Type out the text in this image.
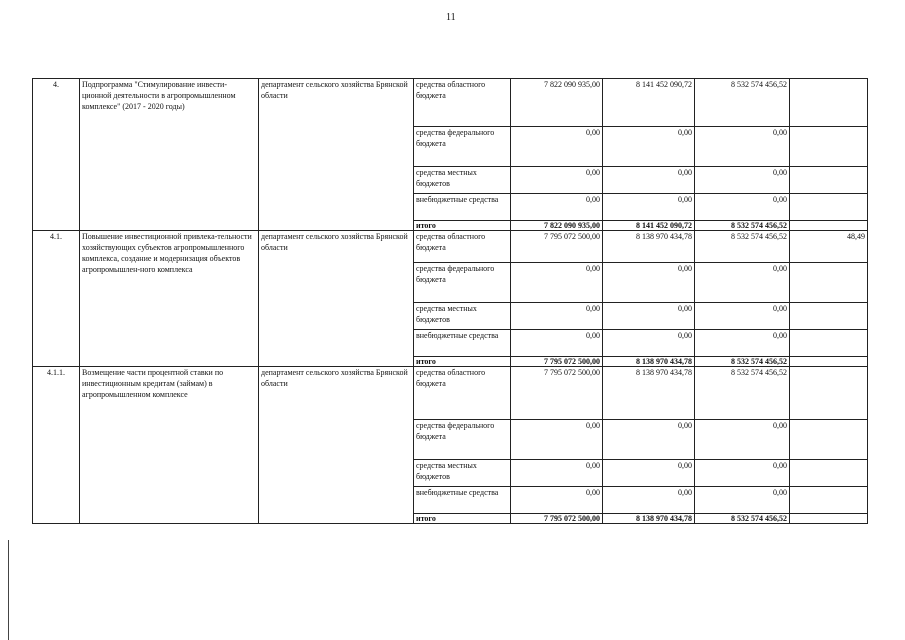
11
4.	Подпрограмма "Стимулирование инвести-ционной деятельности в агропромышленном комплексе" (2017 - 2020 годы)	департамент сельского хозяйства Брянской области	средства областного бюджета	7 822 090 935,00	8 141 452 090,72	8 532 574 456,52	
			средства федерального бюджета	0,00	0,00	0,00	
			средства местных бюджетов	0,00	0,00	0,00	
			внебюджетные средства	0,00	0,00	0,00	
			итого	7 822 090 935,00	8 141 452 090,72	8 532 574 456,52	
4.1.	Повышение инвестиционной привлека-тельности хозяйствующих субъектов агропромышленного комплекса, создание и модернизация объектов агропромышлен-ного комплекса	департамент сельского хозяйства Брянской области	средства областного бюджета	7 795 072 500,00	8 138 970 434,78	8 532 574 456,52	48,49
			средства федерального бюджета	0,00	0,00	0,00	
			средства местных бюджетов	0,00	0,00	0,00	
			внебюджетные средства	0,00	0,00	0,00	
			итого	7 795 072 500,00	8 138 970 434,78	8 532 574 456,52	
4.1.1.	Возмещение части процентной ставки по инвестиционным кредитам (займам) в агропромышленном комплексе	департамент сельского хозяйства Брянской области	средства областного бюджета	7 795 072 500,00	8 138 970 434,78	8 532 574 456,52	
			средства федерального бюджета	0,00	0,00	0,00	
			средства местных бюджетов	0,00	0,00	0,00	
			внебюджетные средства	0,00	0,00	0,00	
			итого	7 795 072 500,00	8 138 970 434,78	8 532 574 456,52	
